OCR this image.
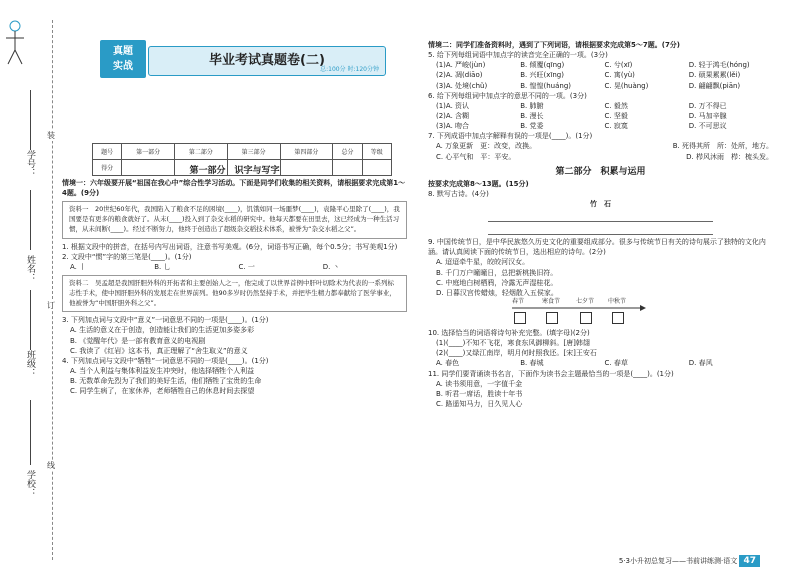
装
订
线
学号：
姓名：
班级：
学校：
真题
实战	毕业考试真题卷(二)
总:100分 时:120分钟
题号	第一部分	第二部分	第三部分	第四部分	总分	等级
得分							第一部分　识字与写字
情境一：六年级要开展“祖国在我心中”综合性学习活动。下面是同学们收集的相关资料，请根据要求完成第1～4题。(9分)
资料一　20世纪60年代，我国陷入了粮食不足的困境(____)，饥饿如同一场噩梦(____)，袁隆平心里除了(____)，我国要是有更多的粮食就好了。从未(____)投入到了杂交水稻的研究中。他每天都要在田里去，这已经成为一种生活习惯，从未间断(____)。经过不断努力，他终于创造出了超级杂交稻技术体系，被誉为“杂交水稻之父”。
1. 根据文段中的拼音，在括号内写出词语，注意书写美观。(6分，词语书写正确，每个0.5分；书写美观1分)
2. 文段中“惯”字的第三笔是(____)。(1分)
A. 丨	B. 乚	C. 一	D. 丶
资料二　吴孟超是我国肝胆外科的开拓者和主要创始人之一，他完成了以世界首例中肝叶切除术为代表的一系列标志性手术，使中国肝胆外科的发展走在世界前列。他90多岁时仍然坚持手术，并把毕生精力都奉献给了医学事业，他被誉为“中国肝胆外科之父”。
3. 下列加点词与文段中“意义”一词意思不同的一项是(____)。(1分)
A. 生活的意义在于创造，创造能让我们的生活更加多姿多彩
B. 《觉醒年代》是一部有教育意义的电视剧
C. 我读了《红岩》这本书，真正理解了“舍生取义”的意义
4. 下列加点词与文段中“牺牲”一词意思不同的一项是(____)。(1分)
A. 当个人利益与集体利益发生冲突时，他选择牺牲个人利益
B. 无数革命先烈为了我们的美好生活，他们牺牲了宝贵的生命
C. 同学生病了，在家休养，老师牺牲自己的休息时间去探望
情境二：同学们准备资料时，遇到了下列词语，请根据要求完成第5～7题。(7分)
5. 给下列每组词语中加点字的读音完全正确的一项。(3分)
(1)A. 严峻(jùn)	B. 倾覆(qīng)	C. 兮(xī)	D. 轻于鸿毛(hóng)
(2)A. 凋(diāo)	B. 兴旺(xīng)	C. 寓(yù)	D. 硕果累累(lěi)
(3)A. 处境(chǔ)	B. 惶惶(huáng)	C. 晃(huàng)	D. 翩翩飘(piān)
6. 给下列每组词中加点字的意思不同的一项。(3分)
(1)A. 资认	B. 肺腑	C. 毅然	D. 万不得已
(2)A. 含糊	B. 漫长	C. 坚毅	D. 马加辛腺
(3)A. 吻合	B. 党委	C. 寂寞	D. 不可思议
7. 下列成语中加点字解释有误的一项是(____)。(1分)
A. 万象更新　更：改变，改换。	B. 死得其所　所：处所，地方。
C. 心平气和　平：平安。	D. 栉风沐雨　栉：梳头发。
第二部分　积累与运用
按要求完成第8～13题。(15分)
8. 默写古诗。(4分)
竹　石
9. 中国传统节日，是中华民族悠久历史文化的重要组成部分。很多与传统节日有关的诗句展示了独特的文化内涵。请认真阅读下面的传统节日，选出相应的诗句。(2分)
A. 迢迢牵牛星，皎皎河汉女。
B. 千门万户曈曈日，总把新桃换旧符。
C. 中庭地白树栖鸦，冷露无声湿桂花。
D. 日暮汉宫传蜡烛，轻烟散入五侯家。
春节	寒食节	七夕节 中秋节
10. 选择恰当的词语将诗句补充完整。(填字母)(2分)
(1)(____)不知不飞花，寒食东风御柳斜。[唐]韩翃
(2)(____)又绿江南岸，明月何时照我还。[宋]王安石
A. 春色	B. 春城	C. 春草	D. 春风
11. 同学们要背诵读书名言，下面作为读书会主题最恰当的一项是(____)。(1分)
A. 读书须用意，一字值千金
B. 听君一席话，胜读十年书
C. 路遥知马力，日久见人心
5·3小升初总复习——书前讲练测·语文 47
